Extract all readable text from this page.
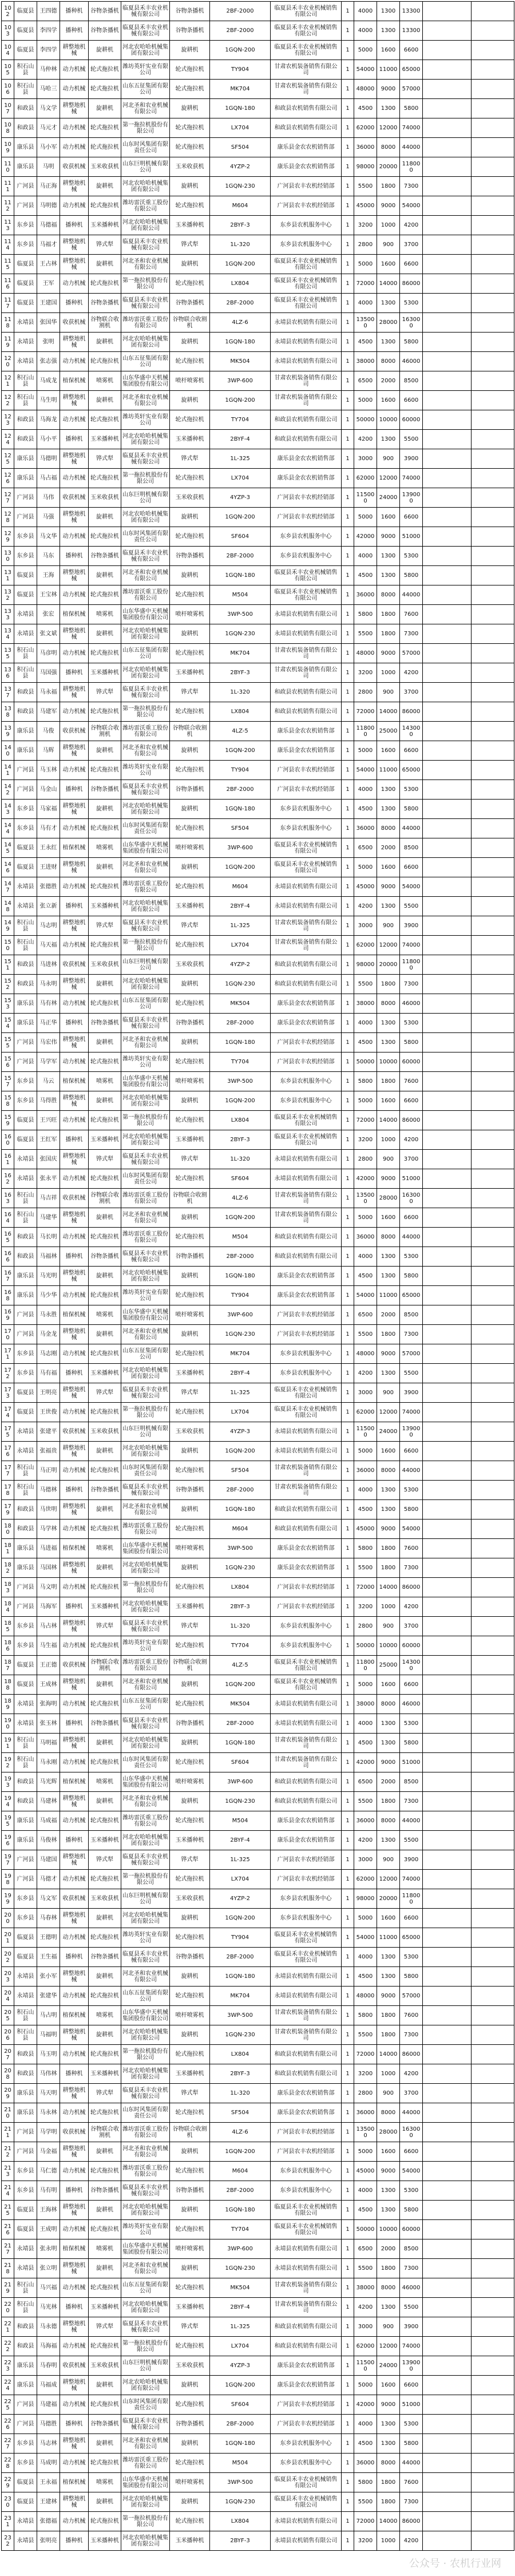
102	临夏县	王四德	播种机	谷物条播机	临夏县禾丰农业机械有限公司	谷物条播机	2BF-2000	临夏县禾丰农业机械销售有限公司	1	4000	1300	13300		
103	临夏县	李四学	播种机	谷物条播机	临夏县禾丰农业机械有限公司	谷物条播机	2BF-2000	临夏县禾丰农业机械销售有限公司	1	4000	1300	13300		
104	临夏县	李四学	耕整地机械	旋耕机	河北农哈哈机械集团有限公司	旋耕机	1GQN-200	临夏县禾丰农业机械销售有限公司	1	5000	1600	6600		
105	积石山县	马仲林	动力机械	轮式拖拉机	潍坊英轩实业有限公司	轮式拖拉机	TY904	甘肃农机装备销售有限公司	1	54000	11000	65000		
106	积石山县	马哈三	动力机械	轮式拖拉机	山东五征集团有限公司	轮式拖拉机	MK704	甘肃农机装备销售有限公司	1	48000	9000	57000		
107	和政县	马文学	耕整地机械	旋耕机	河北圣和农业机械有限公司	旋耕机	1GQN-180	和政县农机销售有限公司	1	4500	1300	5800		
108	和政县	马元才	动力机械	轮式拖拉机	第一拖拉机股份有限公司	轮式拖拉机	LX704	和政县农机销售有限公司	1	62000	12000	74000		
109	康乐县	马小军	动力机械	轮式拖拉机	山东时风集团有限责任公司	轮式拖拉机	SF504	康乐县金农农机销售部	1	36000	8000	44000		
110	康乐县	马明	收获机械	玉米收获机	山东巨明机械有限公司	玉米收获机	4YZP-2	康乐县金农农机销售部	1	98000	20000	118000		
111	广河县	马正海	耕整地机械	旋耕机	河北农哈哈机械集团有限公司	旋耕机	1GQN-230	广河县农丰农机经销部	1	5500	1800	7300		
112	广河县	马明德	动力机械	轮式拖拉机	潍坊雷沃重工股份有限公司	轮式拖拉机	M604	广河县农丰农机经销部	1	45000	9000	54000		
113	东乡县	马德福	播种机	玉米播种机	河北农哈哈机械集团有限公司	玉米播种机	2BYF-3	东乡县农机服务中心	1	3200	1000	4200		
114	东乡县	马福才	耕整地机械	铧式犁	临夏县禾丰农业机械有限公司	铧式犁	1L-320	东乡县农机服务中心	1	2800	900	3700		
115	临夏县	王占林	耕整地机械	旋耕机	河北圣和农业机械有限公司	旋耕机	1GQN-200	临夏县禾丰农业机械销售有限公司	1	5000	1600	6600		
116	临夏县	王军	动力机械	轮式拖拉机	第一拖拉机股份有限公司	轮式拖拉机	LX804	临夏县禾丰农业机械销售有限公司	1	72000	14000	86000		
117	临夏县	王建国	播种机	谷物条播机	临夏县禾丰农业机械有限公司	谷物条播机	2BF-2000	临夏县禾丰农业机械销售有限公司	1	4000	1300	5300		
118	永靖县	张国华	收获机械	谷物联合收割机	潍坊雷沃重工股份有限公司	谷物联合收割机	4LZ-6	永靖县农机销售有限公司	1	135000	28000	163000		
119	永靖县	张明	耕整地机械	旋耕机	河北农哈哈机械集团有限公司	旋耕机	1GQN-180	永靖县农机销售有限公司	1	4500	1300	5800		
120	永靖县	张志强	动力机械	轮式拖拉机	山东五征集团有限公司	轮式拖拉机	MK504	永靖县农机销售有限公司	1	38000	8000	46000		
121	积石山县	马成龙	植保机械	喷雾机	山东华盛中天机械集团股份有限公司	喷杆喷雾机	3WP-600	甘肃农机装备销售有限公司	1	6500	2000	8500		
122	积石山县	马生明	耕整地机械	旋耕机	河北圣和农业机械有限公司	旋耕机	1GQN-200	甘肃农机装备销售有限公司	1	5000	1600	6600		
123	和政县	马海龙	动力机械	轮式拖拉机	潍坊英轩实业有限公司	轮式拖拉机	TY704	和政县农机销售有限公司	1	50000	10000	60000		
124	和政县	马小平	播种机	玉米播种机	河北农哈哈机械集团有限公司	玉米播种机	2BYF-4	和政县农机销售有限公司	1	4200	1300	5500		
125	康乐县	马德明	耕整地机械	铧式犁	临夏县禾丰农业机械有限公司	铧式犁	1L-325	康乐县金农农机销售部	1	3000	900	3900		
126	康乐县	马占福	动力机械	轮式拖拉机	第一拖拉机股份有限公司	轮式拖拉机	LX704	康乐县金农农机销售部	1	62000	12000	74000		
127	广河县	马伟	收获机械	玉米收获机	山东巨明机械有限公司	玉米收获机	4YZP-3	广河县农丰农机经销部	1	115000	24000	139000		
128	广河县	马强	耕整地机械	旋耕机	河北农哈哈机械集团有限公司	旋耕机	1GQN-200	广河县农丰农机经销部	1	5000	1600	6600		
129	东乡县	马文华	动力机械	轮式拖拉机	山东时风集团有限责任公司	轮式拖拉机	SF604	东乡县农机服务中心	1	42000	9000	51000		
130	东乡县	马东	播种机	谷物条播机	临夏县禾丰农业机械有限公司	谷物条播机	2BF-2000	东乡县农机服务中心	1	4000	1300	5300		
131	临夏县	王海	耕整地机械	旋耕机	河北圣和农业机械有限公司	旋耕机	1GQN-180	临夏县禾丰农业机械销售有限公司	1	4500	1300	5800		
132	临夏县	王宝林	动力机械	轮式拖拉机	潍坊雷沃重工股份有限公司	轮式拖拉机	M504	临夏县禾丰农业机械销售有限公司	1	36000	8000	44000		
133	永靖县	张宏	植保机械	喷雾机	山东华盛中天机械集团股份有限公司	喷杆喷雾机	3WP-500	永靖县农机销售有限公司	1	5800	1800	7600		
134	永靖县	张文斌	耕整地机械	旋耕机	河北农哈哈机械集团有限公司	旋耕机	1GQN-230	永靖县农机销售有限公司	1	5500	1800	7300		
135	积石山县	马彦明	动力机械	轮式拖拉机	山东五征集团有限公司	轮式拖拉机	MK704	甘肃农机装备销售有限公司	1	48000	9000	57000		
136	积石山县	马国强	播种机	玉米播种机	河北农哈哈机械集团有限公司	玉米播种机	2BYF-3	甘肃农机装备销售有限公司	1	3200	1000	4200		
137	和政县	马永福	耕整地机械	铧式犁	临夏县禾丰农业机械有限公司	铧式犁	1L-320	和政县农机销售有限公司	1	2800	900	3700		
138	和政县	马建军	动力机械	轮式拖拉机	第一拖拉机股份有限公司	轮式拖拉机	LX804	和政县农机销售有限公司	1	72000	14000	86000		
139	康乐县	马俊	收获机械	谷物联合收割机	潍坊雷沃重工股份有限公司	谷物联合收割机	4LZ-5	康乐县金农农机销售部	1	118000	25000	143000		
140	康乐县	马辉	耕整地机械	旋耕机	河北圣和农业机械有限公司	旋耕机	1GQN-200	康乐县金农农机销售部	1	5000	1600	6600		
141	广河县	马玉林	动力机械	轮式拖拉机	潍坊英轩实业有限公司	轮式拖拉机	TY904	广河县农丰农机经销部	1	54000	11000	65000		
142	广河县	马金山	播种机	谷物条播机	临夏县禾丰农业机械有限公司	谷物条播机	2BF-2000	广河县农丰农机经销部	1	4000	1300	5300		
143	东乡县	马家福	耕整地机械	旋耕机	河北农哈哈机械集团有限公司	旋耕机	1GQN-180	东乡县农机服务中心	1	4500	1300	5800		
144	东乡县	马有才	动力机械	轮式拖拉机	山东时风集团有限责任公司	轮式拖拉机	SF504	东乡县农机服务中心	1	36000	8000	44000		
145	临夏县	王永红	植保机械	喷雾机	山东华盛中天机械集团股份有限公司	喷杆喷雾机	3WP-600	临夏县禾丰农业机械销售有限公司	1	6500	2000	8500		
146	临夏县	王进财	耕整地机械	旋耕机	河北圣和农业机械有限公司	旋耕机	1GQN-200	临夏县禾丰农业机械销售有限公司	1	5000	1600	6600		
147	永靖县	张德胜	动力机械	轮式拖拉机	潍坊雷沃重工股份有限公司	轮式拖拉机	M604	永靖县农机销售有限公司	1	45000	9000	54000		
148	永靖县	张立新	播种机	玉米播种机	河北农哈哈机械集团有限公司	玉米播种机	2BYF-4	永靖县农机销售有限公司	1	4200	1300	5500		
149	积石山县	马志明	耕整地机械	铧式犁	临夏县禾丰农业机械有限公司	铧式犁	1L-325	甘肃农机装备销售有限公司	1	3000	900	3900		
150	积石山县	马天福	动力机械	轮式拖拉机	第一拖拉机股份有限公司	轮式拖拉机	LX704	甘肃农机装备销售有限公司	1	62000	12000	74000		
151	和政县	马进林	收获机械	玉米收获机	山东巨明机械有限公司	玉米收获机	4YZP-2	和政县农机销售有限公司	1	98000	20000	118000		
152	和政县	马永明	耕整地机械	旋耕机	河北农哈哈机械集团有限公司	旋耕机	1GQN-230	和政县农机销售有限公司	1	5500	1800	7300		
153	康乐县	马有林	动力机械	轮式拖拉机	山东五征集团有限公司	轮式拖拉机	MK504	康乐县金农农机销售部	1	38000	8000	46000		
154	康乐县	马正华	播种机	谷物条播机	临夏县禾丰农业机械有限公司	谷物条播机	2BF-2000	康乐县金农农机销售部	1	4000	1300	5300		
155	广河县	马宏伟	耕整地机械	旋耕机	河北圣和农业机械有限公司	旋耕机	1GQN-180	广河县农丰农机经销部	1	4500	1300	5800		
156	广河县	马学军	动力机械	轮式拖拉机	潍坊英轩实业有限公司	轮式拖拉机	TY704	广河县农丰农机经销部	1	50000	10000	60000		
157	东乡县	马云	植保机械	喷雾机	山东华盛中天机械集团股份有限公司	喷杆喷雾机	3WP-500	东乡县农机服务中心	1	5800	1800	7600		
158	东乡县	马得胜	耕整地机械	旋耕机	河北农哈哈机械集团有限公司	旋耕机	1GQN-200	东乡县农机服务中心	1	5000	1600	6600		
159	临夏县	王兴旺	动力机械	轮式拖拉机	第一拖拉机股份有限公司	轮式拖拉机	LX804	临夏县禾丰农业机械销售有限公司	1	72000	14000	86000		
160	临夏县	王红军	播种机	玉米播种机	河北农哈哈机械集团有限公司	玉米播种机	2BYF-3	临夏县禾丰农业机械销售有限公司	1	3200	1000	4200		
161	永靖县	张国庆	耕整地机械	铧式犁	临夏县禾丰农业机械有限公司	铧式犁	1L-320	永靖县农机销售有限公司	1	2800	900	3700		
162	永靖县	张永平	动力机械	轮式拖拉机	山东时风集团有限责任公司	轮式拖拉机	SF604	永靖县农机销售有限公司	1	42000	9000	51000		
163	积石山县	马吉祥	收获机械	谷物联合收割机	潍坊雷沃重工股份有限公司	谷物联合收割机	4LZ-6	甘肃农机装备销售有限公司	1	135000	28000	163000		
164	积石山县	马建华	耕整地机械	旋耕机	河北圣和农业机械有限公司	旋耕机	1GQN-200	甘肃农机装备销售有限公司	1	5000	1600	6600		
165	和政县	马长明	动力机械	轮式拖拉机	潍坊雷沃重工股份有限公司	轮式拖拉机	M504	和政县农机销售有限公司	1	36000	8000	44000		
166	和政县	马福林	播种机	谷物条播机	临夏县禾丰农业机械有限公司	谷物条播机	2BF-2000	和政县农机销售有限公司	1	4000	1300	5300		
167	康乐县	马光明	耕整地机械	旋耕机	河北农哈哈机械集团有限公司	旋耕机	1GQN-180	康乐县金农农机销售部	1	4500	1300	5800		
168	康乐县	马少华	动力机械	轮式拖拉机	潍坊英轩实业有限公司	轮式拖拉机	TY904	康乐县金农农机销售部	1	54000	11000	65000		
169	广河县	马永胜	植保机械	喷雾机	山东华盛中天机械集团股份有限公司	喷杆喷雾机	3WP-600	广河县农丰农机经销部	1	6500	2000	8500		
170	广河县	马金龙	耕整地机械	旋耕机	河北圣和农业机械有限公司	旋耕机	1GQN-230	广河县农丰农机经销部	1	5500	1800	7300		
171	东乡县	马志刚	动力机械	轮式拖拉机	山东五征集团有限公司	轮式拖拉机	MK704	东乡县农机服务中心	1	48000	9000	57000		
172	东乡县	马有福	播种机	玉米播种机	河北农哈哈机械集团有限公司	玉米播种机	2BYF-4	东乡县农机服务中心	1	4200	1300	5500		
173	临夏县	王明亮	耕整地机械	铧式犁	临夏县禾丰农业机械有限公司	铧式犁	1L-325	临夏县禾丰农业机械销售有限公司	1	3000	900	3900		
174	临夏县	王世俊	动力机械	轮式拖拉机	第一拖拉机股份有限公司	轮式拖拉机	LX704	临夏县禾丰农业机械销售有限公司	1	62000	12000	74000		
175	永靖县	张建平	收获机械	玉米收获机	山东巨明机械有限公司	玉米收获机	4YZP-3	永靖县农机销售有限公司	1	115000	24000	139000		
176	永靖县	张福贵	耕整地机械	旋耕机	河北农哈哈机械集团有限公司	旋耕机	1GQN-200	永靖县农机销售有限公司	1	5000	1600	6600		
177	积石山县	马正明	动力机械	轮式拖拉机	山东时风集团有限责任公司	轮式拖拉机	SF504	甘肃农机装备销售有限公司	1	36000	8000	44000		
178	积石山县	马德林	播种机	谷物条播机	临夏县禾丰农业机械有限公司	谷物条播机	2BF-2000	甘肃农机装备销售有限公司	1	4000	1300	5300		
179	和政县	马世明	耕整地机械	旋耕机	河北圣和农业机械有限公司	旋耕机	1GQN-180	和政县农机销售有限公司	1	4500	1300	5800		
180	和政县	马学林	动力机械	轮式拖拉机	潍坊雷沃重工股份有限公司	轮式拖拉机	M604	和政县农机销售有限公司	1	45000	9000	54000		
181	康乐县	马进福	植保机械	喷雾机	山东华盛中天机械集团股份有限公司	喷杆喷雾机	3WP-500	康乐县金农农机销售部	1	5800	1800	7600		
182	康乐县	马国林	耕整地机械	旋耕机	河北农哈哈机械集团有限公司	旋耕机	1GQN-230	康乐县金农农机销售部	1	5500	1800	7300		
183	广河县	马文明	动力机械	轮式拖拉机	第一拖拉机股份有限公司	轮式拖拉机	LX804	广河县农丰农机经销部	1	72000	14000	86000		
184	广河县	马海军	播种机	玉米播种机	河北农哈哈机械集团有限公司	玉米播种机	2BYF-3	广河县农丰农机经销部	1	3200	1000	4200		
185	东乡县	马占林	耕整地机械	铧式犁	临夏县禾丰农业机械有限公司	铧式犁	1L-320	东乡县农机服务中心	1	2800	900	3700		
186	东乡县	马生福	动力机械	轮式拖拉机	潍坊英轩实业有限公司	轮式拖拉机	TY704	东乡县农机服务中心	1	50000	10000	60000		
187	临夏县	王正德	收获机械	谷物联合收割机	潍坊雷沃重工股份有限公司	谷物联合收割机	4LZ-5	临夏县禾丰农业机械销售有限公司	1	118000	25000	143000		
188	临夏县	王成林	耕整地机械	旋耕机	河北圣和农业机械有限公司	旋耕机	1GQN-200	临夏县禾丰农业机械销售有限公司	1	5000	1600	6600		
189	永靖县	张海明	动力机械	轮式拖拉机	山东五征集团有限公司	轮式拖拉机	MK504	永靖县农机销售有限公司	1	38000	8000	46000		
190	永靖县	张玉林	播种机	谷物条播机	临夏县禾丰农业机械有限公司	谷物条播机	2BF-2000	永靖县农机销售有限公司	1	4000	1300	5300		
191	积石山县	马明福	耕整地机械	旋耕机	河北农哈哈机械集团有限公司	旋耕机	1GQN-180	甘肃农机装备销售有限公司	1	4500	1300	5800		
192	积石山县	马永刚	动力机械	轮式拖拉机	山东时风集团有限责任公司	轮式拖拉机	SF604	甘肃农机装备销售有限公司	1	42000	9000	51000		
193	和政县	马光辉	植保机械	喷雾机	山东华盛中天机械集团股份有限公司	喷杆喷雾机	3WP-600	和政县农机销售有限公司	1	6500	2000	8500		
194	和政县	马建林	耕整地机械	旋耕机	河北圣和农业机械有限公司	旋耕机	1GQN-230	和政县农机销售有限公司	1	5500	1800	7300		
195	康乐县	马成福	动力机械	轮式拖拉机	潍坊雷沃重工股份有限公司	轮式拖拉机	M504	康乐县金农农机销售部	1	36000	8000	44000		
196	康乐县	马俊林	播种机	玉米播种机	河北农哈哈机械集团有限公司	玉米播种机	2BYF-4	康乐县金农农机销售部	1	4200	1300	5500		
197	广河县	马建国	耕整地机械	铧式犁	临夏县禾丰农业机械有限公司	铧式犁	1L-325	广河县农丰农机经销部	1	3000	900	3900		
198	广河县	马德才	动力机械	轮式拖拉机	第一拖拉机股份有限公司	轮式拖拉机	LX704	广河县农丰农机经销部	1	62000	12000	74000		
199	东乡县	马文军	收获机械	玉米收获机	山东巨明机械有限公司	玉米收获机	4YZP-2	东乡县农机服务中心	1	98000	20000	118000		
200	东乡县	马春林	耕整地机械	旋耕机	河北农哈哈机械集团有限公司	旋耕机	1GQN-200	东乡县农机服务中心	1	5000	1600	6600		
201	临夏县	王德明	动力机械	轮式拖拉机	潍坊英轩实业有限公司	轮式拖拉机	TY904	临夏县禾丰农业机械销售有限公司	1	54000	11000	65000		
202	临夏县	王生福	播种机	谷物条播机	临夏县禾丰农业机械有限公司	谷物条播机	2BF-2000	临夏县禾丰农业机械销售有限公司	1	4000	1300	5300		
203	永靖县	张小军	耕整地机械	旋耕机	河北圣和农业机械有限公司	旋耕机	1GQN-180	永靖县农机销售有限公司	1	4500	1300	5800		
204	永靖县	张建华	动力机械	轮式拖拉机	山东五征集团有限公司	轮式拖拉机	MK704	永靖县农机销售有限公司	1	48000	9000	57000		
205	积石山县	马占明	植保机械	喷雾机	山东华盛中天机械集团股份有限公司	喷杆喷雾机	3WP-500	甘肃农机装备销售有限公司	1	5800	1800	7600		
206	积石山县	马福明	耕整地机械	旋耕机	河北农哈哈机械集团有限公司	旋耕机	1GQN-230	甘肃农机装备销售有限公司	1	5500	1800	7300		
207	和政县	马玉明	动力机械	轮式拖拉机	第一拖拉机股份有限公司	轮式拖拉机	LX804	和政县农机销售有限公司	1	72000	14000	86000		
208	和政县	马伟林	播种机	玉米播种机	河北农哈哈机械集团有限公司	玉米播种机	2BYF-3	和政县农机销售有限公司	1	3200	1000	4200		
209	康乐县	马天明	耕整地机械	铧式犁	临夏县禾丰农业机械有限公司	铧式犁	1L-320	康乐县金农农机销售部	1	2800	900	3700		
210	康乐县	马永林	动力机械	轮式拖拉机	山东时风集团有限责任公司	轮式拖拉机	SF504	康乐县金农农机销售部	1	36000	8000	44000		
211	广河县	马学明	收获机械	谷物联合收割机	潍坊雷沃重工股份有限公司	谷物联合收割机	4LZ-6	广河县农丰农机经销部	1	135000	28000	163000		
212	广河县	马金福	耕整地机械	旋耕机	河北圣和农业机械有限公司	旋耕机	1GQN-200	广河县农丰农机经销部	1	5000	1600	6600		
213	东乡县	马仁德	动力机械	轮式拖拉机	潍坊雷沃重工股份有限公司	轮式拖拉机	M604	东乡县农机服务中心	1	45000	9000	54000		
214	东乡县	马有明	播种机	谷物条播机	临夏县禾丰农业机械有限公司	谷物条播机	2BF-2000	东乡县农机服务中心	1	4000	1300	5300		
215	临夏县	王海林	耕整地机械	旋耕机	河北农哈哈机械集团有限公司	旋耕机	1GQN-180	临夏县禾丰农业机械销售有限公司	1	4500	1300	5800		
216	临夏县	王成明	动力机械	轮式拖拉机	潍坊英轩实业有限公司	轮式拖拉机	TY704	临夏县禾丰农业机械销售有限公司	1	50000	10000	60000		
217	永靖县	张永明	植保机械	喷雾机	山东华盛中天机械集团股份有限公司	喷杆喷雾机	3WP-600	永靖县农机销售有限公司	1	6500	2000	8500		
218	永靖县	张立明	耕整地机械	旋耕机	河北圣和农业机械有限公司	旋耕机	1GQN-230	永靖县农机销售有限公司	1	5500	1800	7300		
219	积石山县	马兴福	动力机械	轮式拖拉机	山东五征集团有限公司	轮式拖拉机	MK504	甘肃农机装备销售有限公司	1	38000	8000	46000		
220	积石山县	马光林	播种机	玉米播种机	河北农哈哈机械集团有限公司	玉米播种机	2BYF-4	甘肃农机装备销售有限公司	1	4200	1300	5500		
221	和政县	马永德	耕整地机械	铧式犁	临夏县禾丰农业机械有限公司	铧式犁	1L-325	和政县农机销售有限公司	1	3000	900	3900		
222	和政县	马海福	动力机械	轮式拖拉机	第一拖拉机股份有限公司	轮式拖拉机	LX704	和政县农机销售有限公司	1	62000	12000	74000		
223	康乐县	马春明	收获机械	玉米收获机	山东巨明机械有限公司	玉米收获机	4YZP-3	康乐县金农农机销售部	1	115000	24000	139000		
224	康乐县	马福成	耕整地机械	旋耕机	河北农哈哈机械集团有限公司	旋耕机	1GQN-200	康乐县金农农机销售部	1	5000	1600	6600		
225	广河县	马建福	动力机械	轮式拖拉机	山东时风集团有限责任公司	轮式拖拉机	SF604	广河县农丰农机经销部	1	42000	9000	51000		
226	广河县	马德胜	播种机	谷物条播机	临夏县禾丰农业机械有限公司	谷物条播机	2BF-2000	广河县农丰农机经销部	1	4000	1300	5300		
227	东乡县	马志林	耕整地机械	旋耕机	河北圣和农业机械有限公司	旋耕机	1GQN-180	东乡县农机服务中心	1	4500	1300	5800		
228	东乡县	马成明	动力机械	轮式拖拉机	潍坊雷沃重工股份有限公司	轮式拖拉机	M504	东乡县农机服务中心	1	36000	8000	44000		
229	临夏县	王永福	植保机械	喷雾机	山东华盛中天机械集团股份有限公司	喷杆喷雾机	3WP-500	临夏县禾丰农业机械销售有限公司	1	5800	1800	7600		
230	临夏县	王建林	耕整地机械	旋耕机	河北农哈哈机械集团有限公司	旋耕机	1GQN-230	临夏县禾丰农业机械销售有限公司	1	5500	1800	7300		
231	永靖县	张德福	动力机械	轮式拖拉机	第一拖拉机股份有限公司	轮式拖拉机	LX804	永靖县农机销售有限公司	1	72000	14000	86000		
232	永靖县	张明亮	播种机	玉米播种机	河北农哈哈机械集团有限公司	玉米播种机	2BYF-3	永靖县农机销售有限公司	1	3200	1000	4200		
公众号 · 农机行业网
